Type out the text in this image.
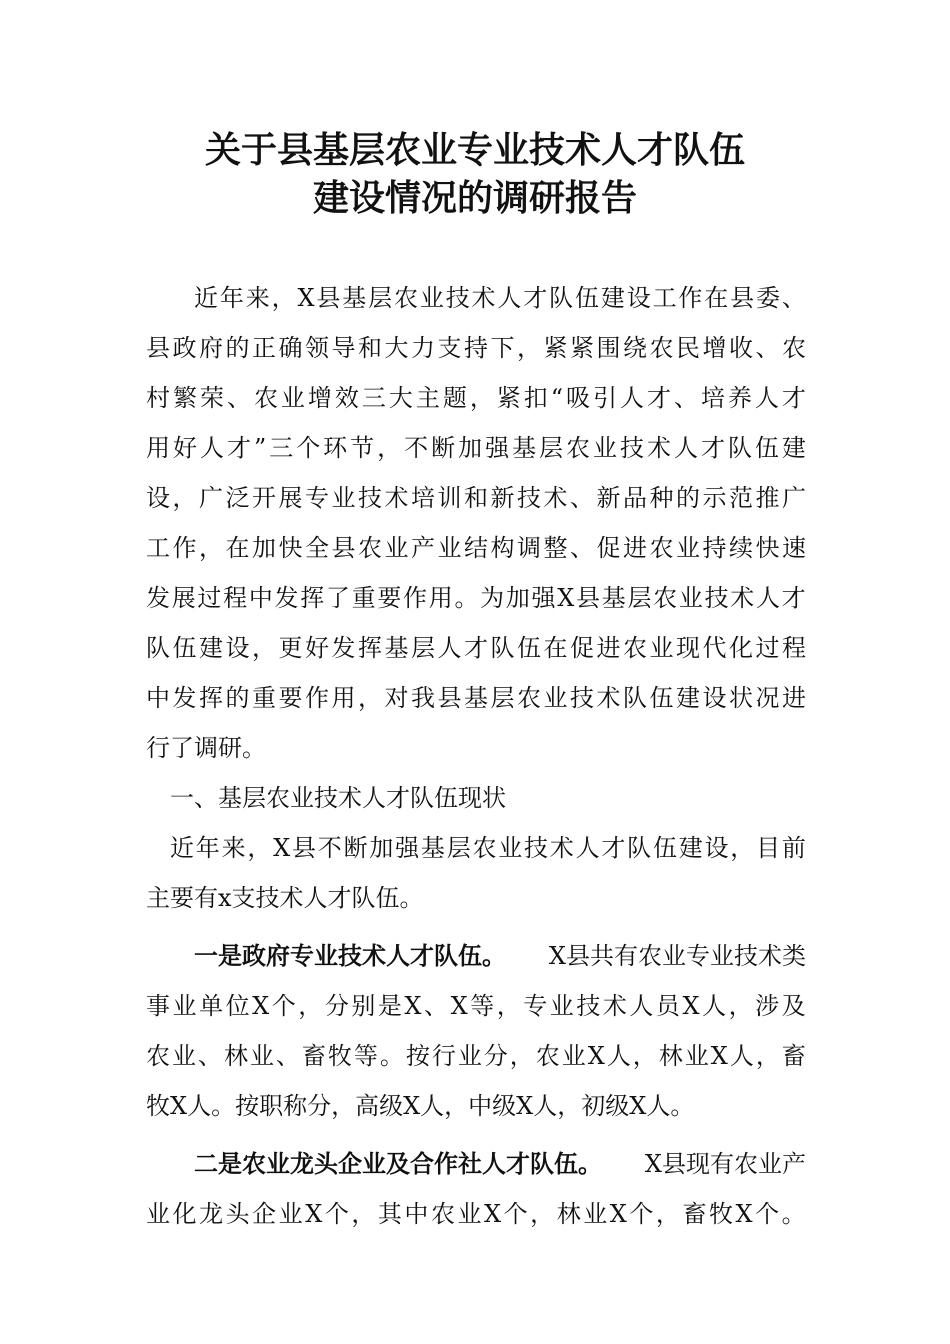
关于县基层农业专业技术人才队伍
建设情况的调研报告
近 年 来 ， X 县 基 层 农 业 技 术 人 才 队 伍 建 设 工 作 在 县 委 、
县 政 府 的 正 确 领 导 和 大 力 支 持 下 ， 紧 紧 围 绕 农 民 增 收 、 农
村 繁 荣 、 农 业 增 效 三 大 主 题 ， 紧 扣 “ 吸 引 人 才 、 培 养 人 才
用 好 人 才 ” 三 个 环 节 ， 不 断 加 强 基 层 农 业 技 术 人 才 队 伍 建
设 ， 广 泛 开 展 专 业 技 术 培 训 和 新 技 术 、 新 品 种 的 示 范 推 广
工 作 ， 在 加 快 全 县 农 业 产 业 结 构 调 整 、 促 进 农 业 持 续 快 速
发 展 过 程 中 发 挥 了 重 要 作 用 。 为 加 强 X 县 基 层 农 业 技 术 人 才
队 伍 建 设 ， 更 好 发 挥 基 层 人 才 队 伍 在 促 进 农 业 现 代 化 过 程
中 发 挥 的 重 要 作 用 ， 对 我 县 基 层 农 业 技 术 队 伍 建 设 状 况 进
行了调研。
一、基层农业技术人才队伍现状
近 年 来 ， X 县 不 断 加 强 基 层 农 业 技 术 人 才 队 伍 建 设 ， 目 前
主要有x支技术人才队伍。
一是政府专业技术人才队伍。 X县共有农业专业技术类
事 业 单 位 X 个 ， 分 别 是 X 、 X 等 ， 专 业 技 术 人 员 X 人 ， 涉 及
农 业 、 林 业 、 畜 牧 等 。 按 行 业 分 ， 农 业 X 人 ， 林 业 X 人 ， 畜
牧X人。按职称分，高级X人，中级X人，初级X人。
二是农业龙头企业及合作社人才队伍。 X县现有农业产
业 化 龙 头 企 业 X 个 ， 其 中 农 业 X 个 ， 林 业 X 个 ， 畜 牧 X 个 。
